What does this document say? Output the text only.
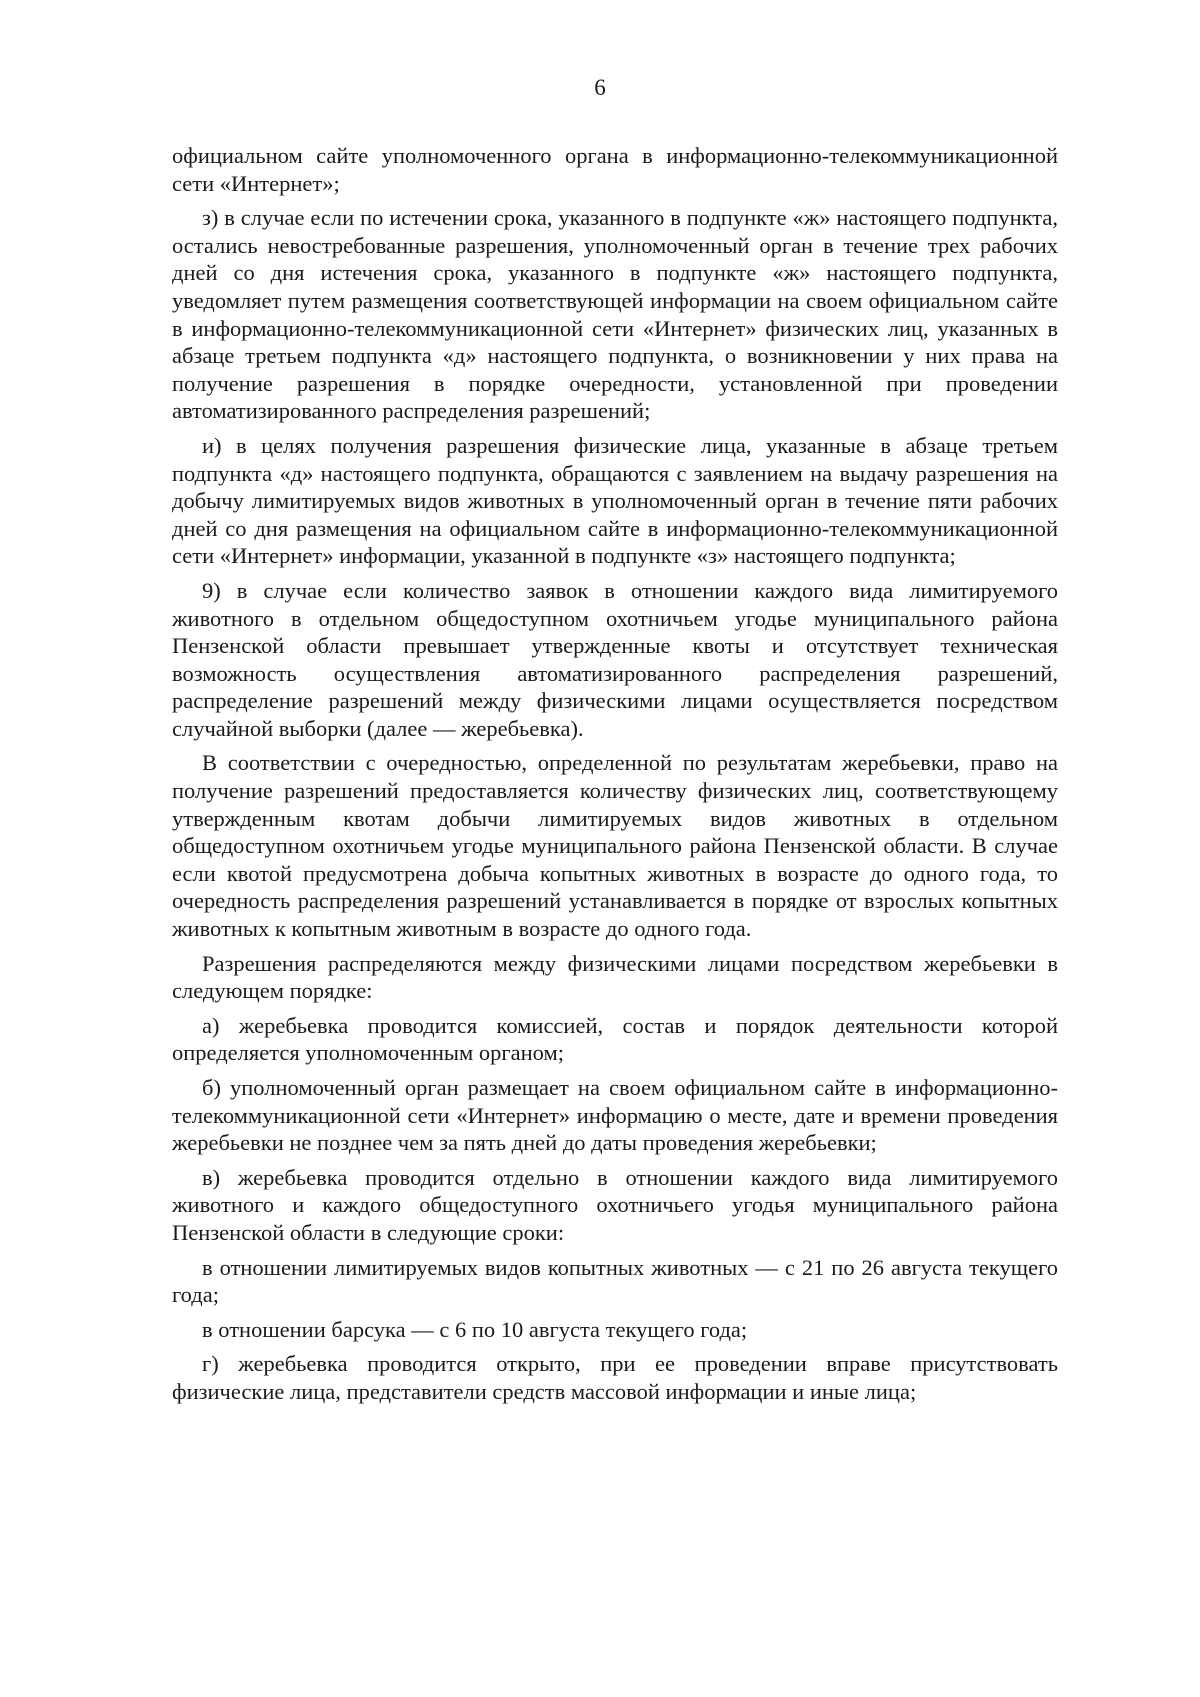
6

официальном сайте уполномоченного органа в информационно-телекоммуникационной сети «Интернет»;

з) в случае если по истечении срока, указанного в подпункте «ж» настоящего подпункта, остались невостребованные разрешения, уполномоченный орган в течение трех рабочих дней со дня истечения срока, указанного в подпункте «ж» настоящего подпункта, уведомляет путем размещения соответствующей информации на своем официальном сайте в информационно-телекоммуникационной сети «Интернет» физических лиц, указанных в абзаце третьем подпункта «д» настоящего подпункта, о возникновении у них права на получение разрешения в порядке очередности, установленной при проведении автоматизированного распределения разрешений;

и) в целях получения разрешения физические лица, указанные в абзаце третьем подпункта «д» настоящего подпункта, обращаются с заявлением на выдачу разрешения на добычу лимитируемых видов животных в уполномоченный орган в течение пяти рабочих дней со дня размещения на официальном сайте в информационно-телекоммуникационной сети «Интернет» информации, указанной в подпункте «з» настоящего подпункта;

9) в случае если количество заявок в отношении каждого вида лимитируемого животного в отдельном общедоступном охотничьем угодье муниципального района Пензенской области превышает утвержденные квоты и отсутствует техническая возможность осуществления автоматизированного распределения разрешений, распределение разрешений между физическими лицами осуществляется посредством случайной выборки (далее — жеребьевка).

В соответствии с очередностью, определенной по результатам жеребьевки, право на получение разрешений предоставляется количеству физических лиц, соответствующему утвержденным квотам добычи лимитируемых видов животных в отдельном общедоступном охотничьем угодье муниципального района Пензенской области. В случае если квотой предусмотрена добыча копытных животных в возрасте до одного года, то очередность распределения разрешений устанавливается в порядке от взрослых копытных животных к копытным животным в возрасте до одного года.

Разрешения распределяются между физическими лицами посредством жеребьевки в следующем порядке:

а) жеребьевка проводится комиссией, состав и порядок деятельности которой определяется уполномоченным органом;

б) уполномоченный орган размещает на своем официальном сайте в информационно-телекоммуникационной сети «Интернет» информацию о месте, дате и времени проведения жеребьевки не позднее чем за пять дней до даты проведения жеребьевки;

в) жеребьевка проводится отдельно в отношении каждого вида лимитируемого животного и каждого общедоступного охотничьего угодья муниципального района Пензенской области в следующие сроки:

в отношении лимитируемых видов копытных животных — с 21 по 26 августа текущего года;

в отношении барсука — с 6 по 10 августа текущего года;

г) жеребьевка проводится открыто, при ее проведении вправе присутствовать физические лица, представители средств массовой информации и иные лица;
